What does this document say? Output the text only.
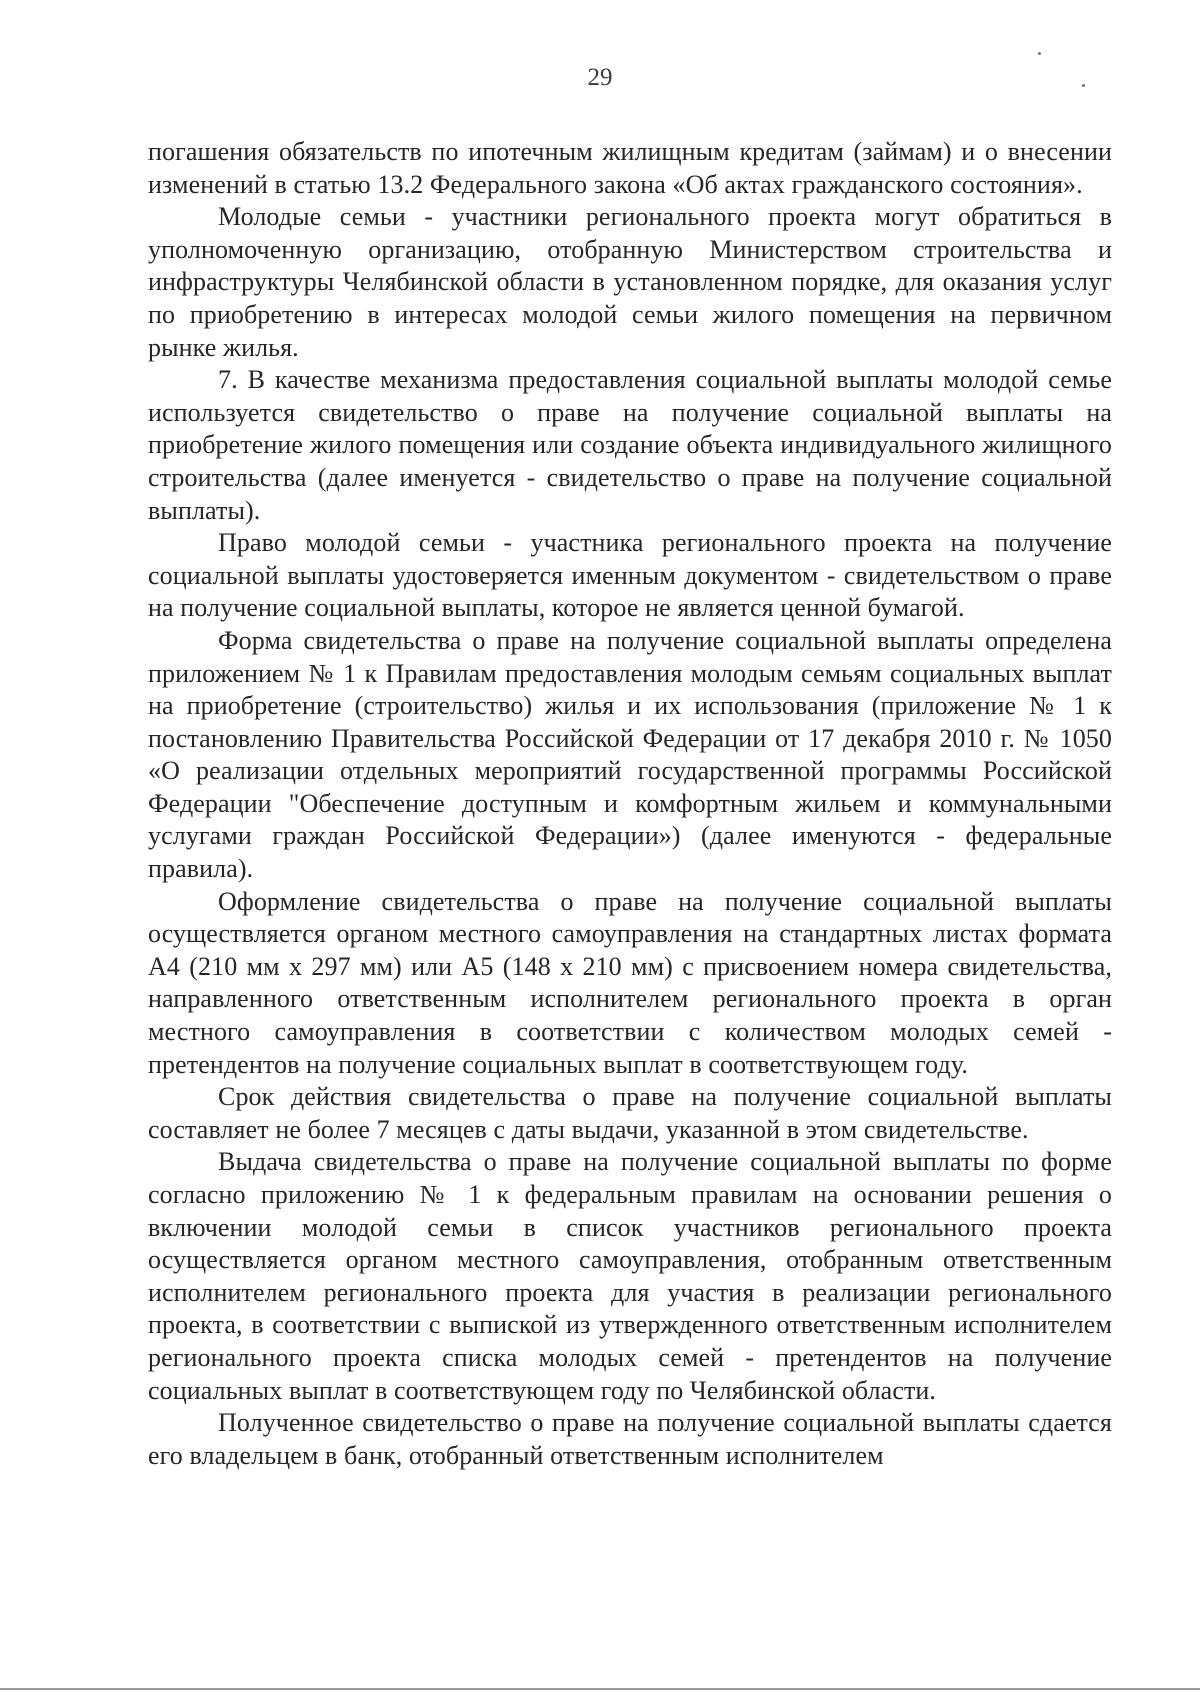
29

погашения обязательств по ипотечным жилищным кредитам (займам) и о внесении изменений в статью 13.2 Федерального закона «Об актах гражданского состояния».

Молодые семьи - участники регионального проекта могут обратиться в уполномоченную организацию, отобранную Министерством строительства и инфраструктуры Челябинской области в установленном порядке, для оказания услуг по приобретению в интересах молодой семьи жилого помещения на первичном рынке жилья.

7. В качестве механизма предоставления социальной выплаты молодой семье используется свидетельство о праве на получение социальной выплаты на приобретение жилого помещения или создание объекта индивидуального жилищного строительства (далее именуется - свидетельство о праве на получение социальной выплаты).

Право молодой семьи - участника регионального проекта на получение социальной выплаты удостоверяется именным документом - свидетельством о праве на получение социальной выплаты, которое не является ценной бумагой.

Форма свидетельства о праве на получение социальной выплаты определена приложением № 1 к Правилам предоставления молодым семьям социальных выплат на приобретение (строительство) жилья и их использования (приложение № 1 к постановлению Правительства Российской Федерации от 17 декабря 2010 г. № 1050 «О реализации отдельных мероприятий государственной программы Российской Федерации "Обеспечение доступным и комфортным жильем и коммунальными услугами граждан Российской Федерации») (далее именуются - федеральные правила).

Оформление свидетельства о праве на получение социальной выплаты осуществляется органом местного самоуправления на стандартных листах формата А4 (210 мм х 297 мм) или А5 (148 х 210 мм) с присвоением номера свидетельства, направленного ответственным исполнителем регионального проекта в орган местного самоуправления в соответствии с количеством молодых семей - претендентов на получение социальных выплат в соответствующем году.

Срок действия свидетельства о праве на получение социальной выплаты составляет не более 7 месяцев с даты выдачи, указанной в этом свидетельстве.

Выдача свидетельства о праве на получение социальной выплаты по форме согласно приложению № 1 к федеральным правилам на основании решения о включении молодой семьи в список участников регионального проекта осуществляется органом местного самоуправления, отобранным ответственным исполнителем регионального проекта для участия в реализации регионального проекта, в соответствии с выпиской из утвержденного ответственным исполнителем регионального проекта списка молодых семей - претендентов на получение социальных выплат в соответствующем году по Челябинской области.

Полученное свидетельство о праве на получение социальной выплаты сдается его владельцем в банк, отобранный ответственным исполнителем
